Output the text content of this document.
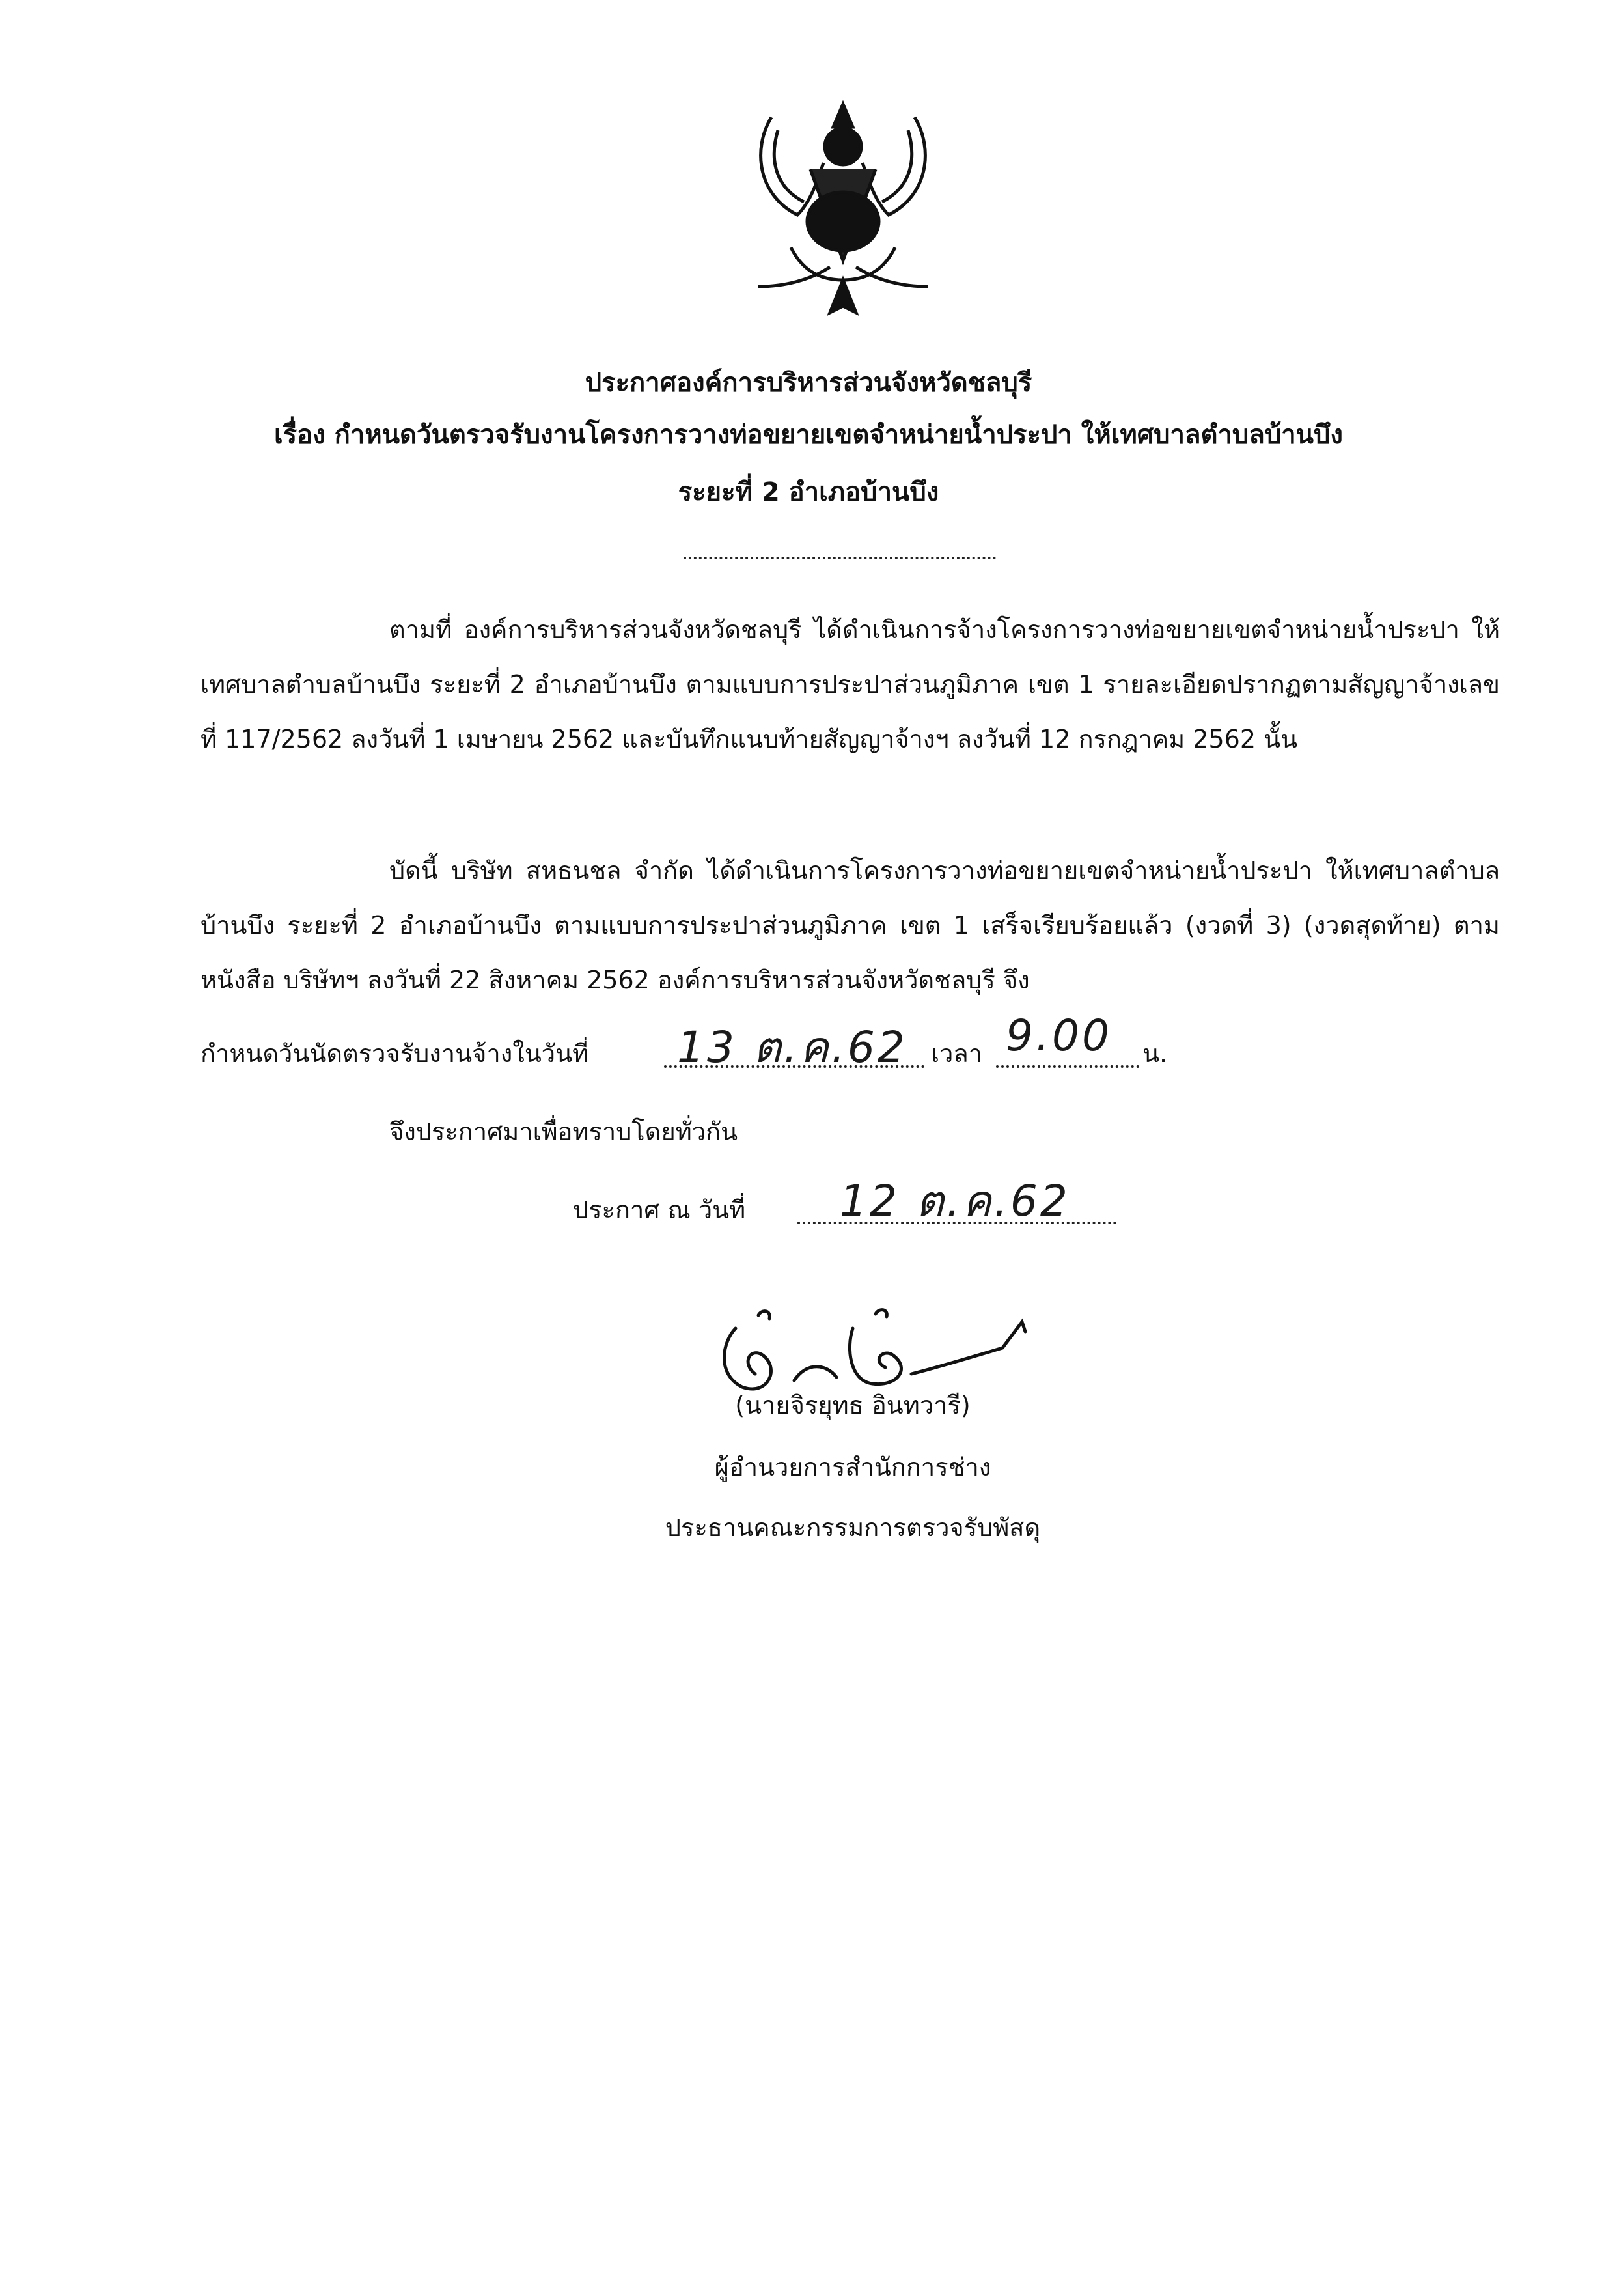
ประกาศองค์การบริหารส่วนจังหวัดชลบุรี
เรื่อง กำหนดวันตรวจรับงานโครงการวางท่อขยายเขตจำหน่ายน้ำประปา ให้เทศบาลตำบลบ้านบึง
ระยะที่ 2 อำเภอบ้านบึง
ตามที่ องค์การบริหารส่วนจังหวัดชลบุรี ได้ดำเนินการจ้างโครงการวางท่อขยายเขตจำหน่ายน้ำประปา ให้เทศบาลตำบลบ้านบึง ระยะที่ 2 อำเภอบ้านบึง ตามแบบการประปาส่วนภูมิภาค เขต 1 รายละเอียดปรากฏตามสัญญาจ้างเลขที่ 117/2562 ลงวันที่ 1 เมษายน 2562 และบันทึกแนบท้ายสัญญาจ้างฯ ลงวันที่ 12 กรกฎาคม 2562 นั้น
บัดนี้ บริษัท สหธนชล จำกัด ได้ดำเนินการโครงการวางท่อขยายเขตจำหน่ายน้ำประปา ให้เทศบาลตำบลบ้านบึง ระยะที่ 2 อำเภอบ้านบึง ตามแบบการประปาส่วนภูมิภาค เขต 1 เสร็จเรียบร้อยแล้ว (งวดที่ 3) (งวดสุดท้าย) ตามหนังสือ บริษัทฯ ลงวันที่ 22 สิงหาคม 2562 องค์การบริหารส่วนจังหวัดชลบุรี จึง
กำหนดวันนัดตรวจรับงานจ้างในวันที่ 13 ต.ค.62 เวลา 9.00 น.
จึงประกาศมาเพื่อทราบโดยทั่วกัน
ประกาศ ณ วันที่ 12 ต.ค.62
(นายจิรยุทธ อินทวารี)
ผู้อำนวยการสำนักการช่าง
ประธานคณะกรรมการตรวจรับพัสดุ
